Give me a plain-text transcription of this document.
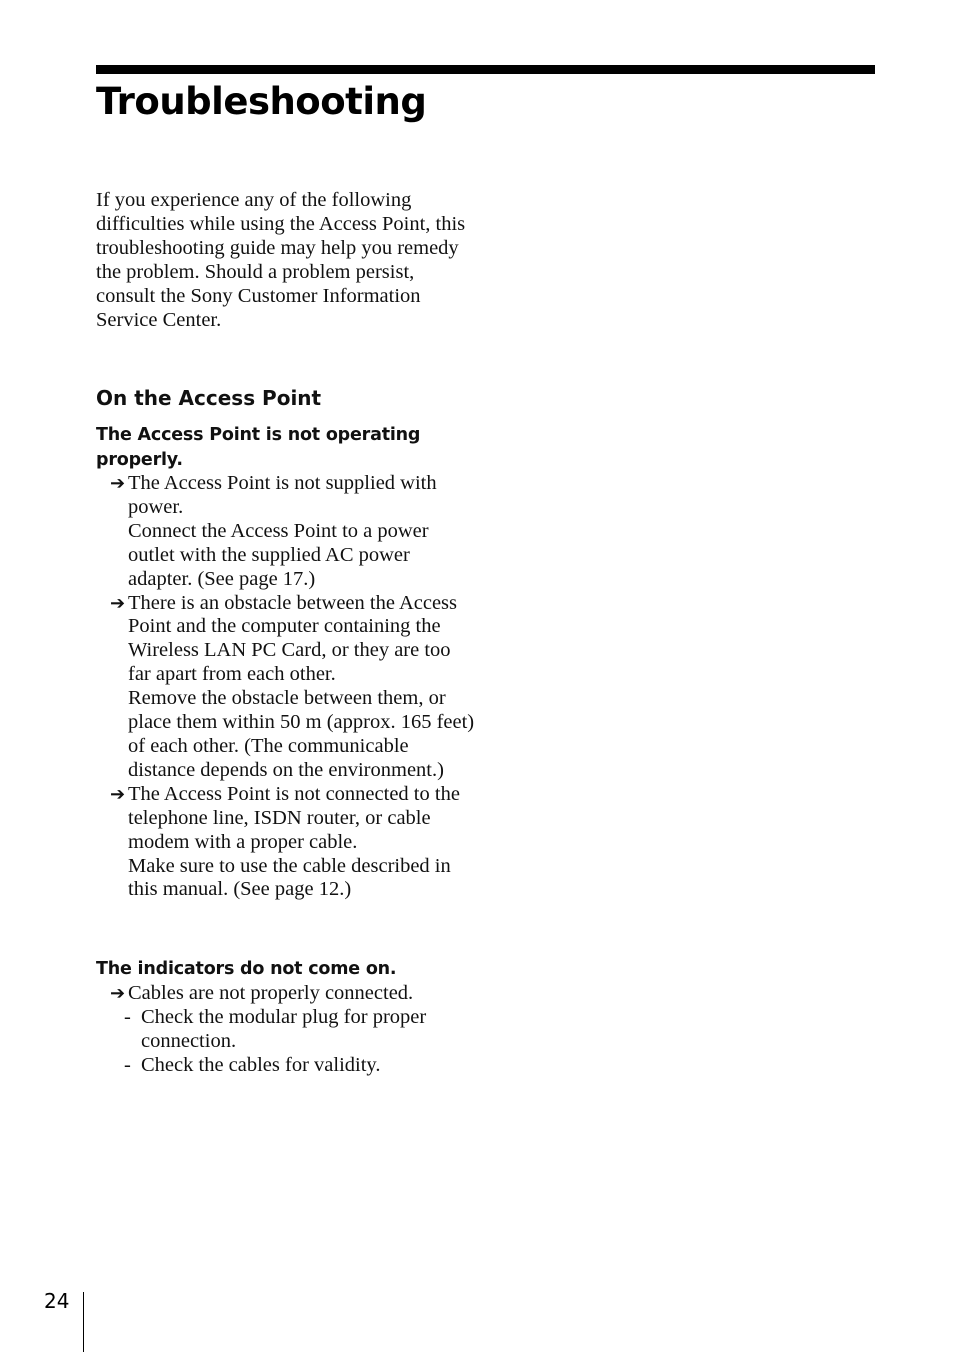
Troubleshooting

If you experience any of the following difficulties while using the Access Point, this troubleshooting guide may help you remedy the problem. Should a problem persist, consult the Sony Customer Information Service Center.

On the Access Point
The Access Point is not operating properly.
➔ The Access Point is not supplied with power.

Connect the Access Point to a power outlet with the supplied AC power adapter. (See page 17.)

➔ There is an obstacle between the Access Point and the computer containing the Wireless LAN PC Card, or they are too far apart from each other.

Remove the obstacle between them, or place them within 50 m (approx. 165 feet) of each other. (The communicable distance depends on the environment.)

➔ The Access Point is not connected to the telephone line, ISDN router, or cable modem with a proper cable.

Make sure to use the cable described in this manual. (See page 12.)

The indicators do not come on.
➔ Cables are not properly connected.

- Check the modular plug for proper connection.

- Check the cables for validity.

24
